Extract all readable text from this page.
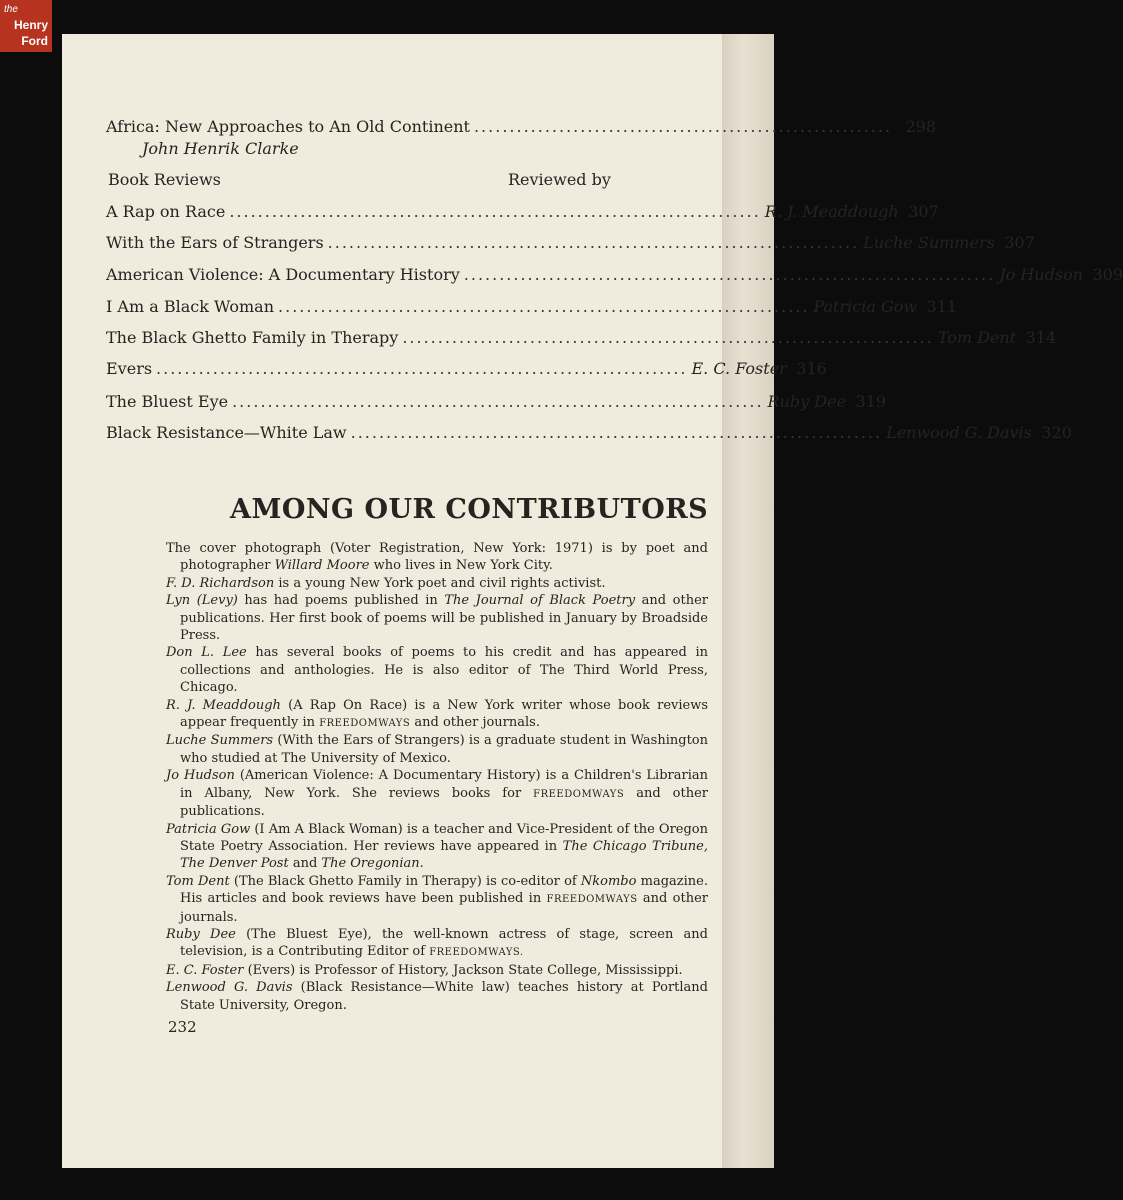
the
Henry
Ford
Africa: New Approaches to An Old Continent ........................................................... 298
John Henrik Clarke
Book Reviews	Reviewed by
A Rap on Race ........................................................................... R. J. Meaddough 307
With the Ears of Strangers ........................................................................... Luche Summers 307
American Violence: A Documentary History ........................................................................... Jo Hudson 309
I Am a Black Woman ........................................................................... Patricia Gow 311
The Black Ghetto Family in Therapy ........................................................................... Tom Dent 314
Evers ........................................................................... E. C. Foster 316
The Bluest Eye ........................................................................... Ruby Dee 319
Black Resistance—White Law ........................................................................... Lenwood G. Davis 320
AMONG OUR CONTRIBUTORS

The cover photograph (Voter Registration, New York: 1971) is by poet and photographer Willard Moore who lives in New York City.

F. D. Richardson is a young New York poet and civil rights activist.

Lyn (Levy) has had poems published in The Journal of Black Poetry and other publications. Her first book of poems will be published in January by Broadside Press.

Don L. Lee has several books of poems to his credit and has appeared in collections and anthologies. He is also editor of The Third World Press, Chicago.

R. J. Meaddough (A Rap On Race) is a New York writer whose book reviews appear frequently in FREEDOMWAYS and other journals.

Luche Summers (With the Ears of Strangers) is a graduate student in Washington who studied at The University of Mexico.

Jo Hudson (American Violence: A Documentary History) is a Children's Librarian in Albany, New York. She reviews books for FREEDOMWAYS and other publications.

Patricia Gow (I Am A Black Woman) is a teacher and Vice-President of the Oregon State Poetry Association. Her reviews have appeared in The Chicago Tribune, The Denver Post and The Oregonian.

Tom Dent (The Black Ghetto Family in Therapy) is co-editor of Nkombo magazine. His articles and book reviews have been published in FREEDOMWAYS and other journals.

Ruby Dee (The Bluest Eye), the well-known actress of stage, screen and television, is a Contributing Editor of FREEDOMWAYS.

E. C. Foster (Evers) is Professor of History, Jackson State College, Mississippi.

Lenwood G. Davis (Black Resistance—White law) teaches history at Portland State University, Oregon.

232
